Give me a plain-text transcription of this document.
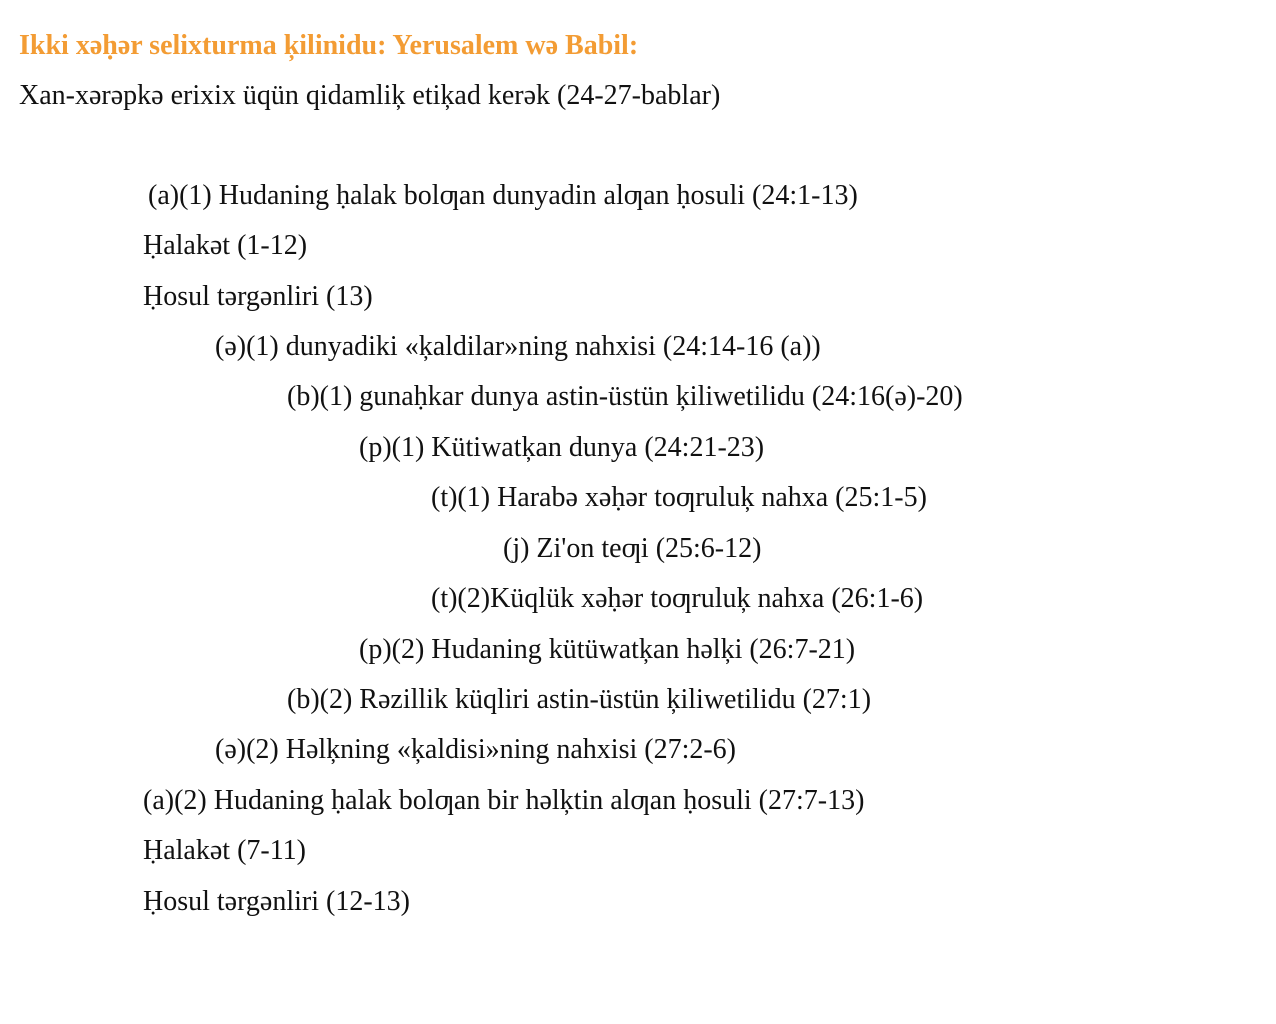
Ikki xəḥər selixturma ķilinidu: Yerusalem wə Babil:
Xan-xərəpkə erixix üqün qidamliķ etiķad kerək (24-27-bablar)
(a)(1) Hudaning ḥalak bolƣan dunyadin alƣan ḥosuli (24:1-13)
Ḥalakət (1-12)
Ḥosul tərgənliri (13)
(ə)(1) dunyadiki «ķaldilar»ning nahxisi (24:14-16 (a))
(b)(1) gunaḥkar dunya astin-üstün ķiliwetilidu (24:16(ə)-20)
(p)(1) Kütiwatķan dunya (24:21-23)
(t)(1) Harabə xəḥər toƣruluķ nahxa (25:1-5)
(j) Zi'on teƣi (25:6-12)
(t)(2)Küqlük xəḥər toƣruluķ nahxa (26:1-6)
(p)(2) Hudaning kütüwatķan həlķi (26:7-21)
(b)(2) Rəzillik küqliri astin-üstün ķiliwetilidu (27:1)
(ə)(2) Həlķning «ķaldisi»ning nahxisi (27:2-6)
(a)(2) Hudaning ḥalak bolƣan bir həlķtin alƣan ḥosuli (27:7-13)
Ḥalakət (7-11)
Ḥosul tərgənliri (12-13)
